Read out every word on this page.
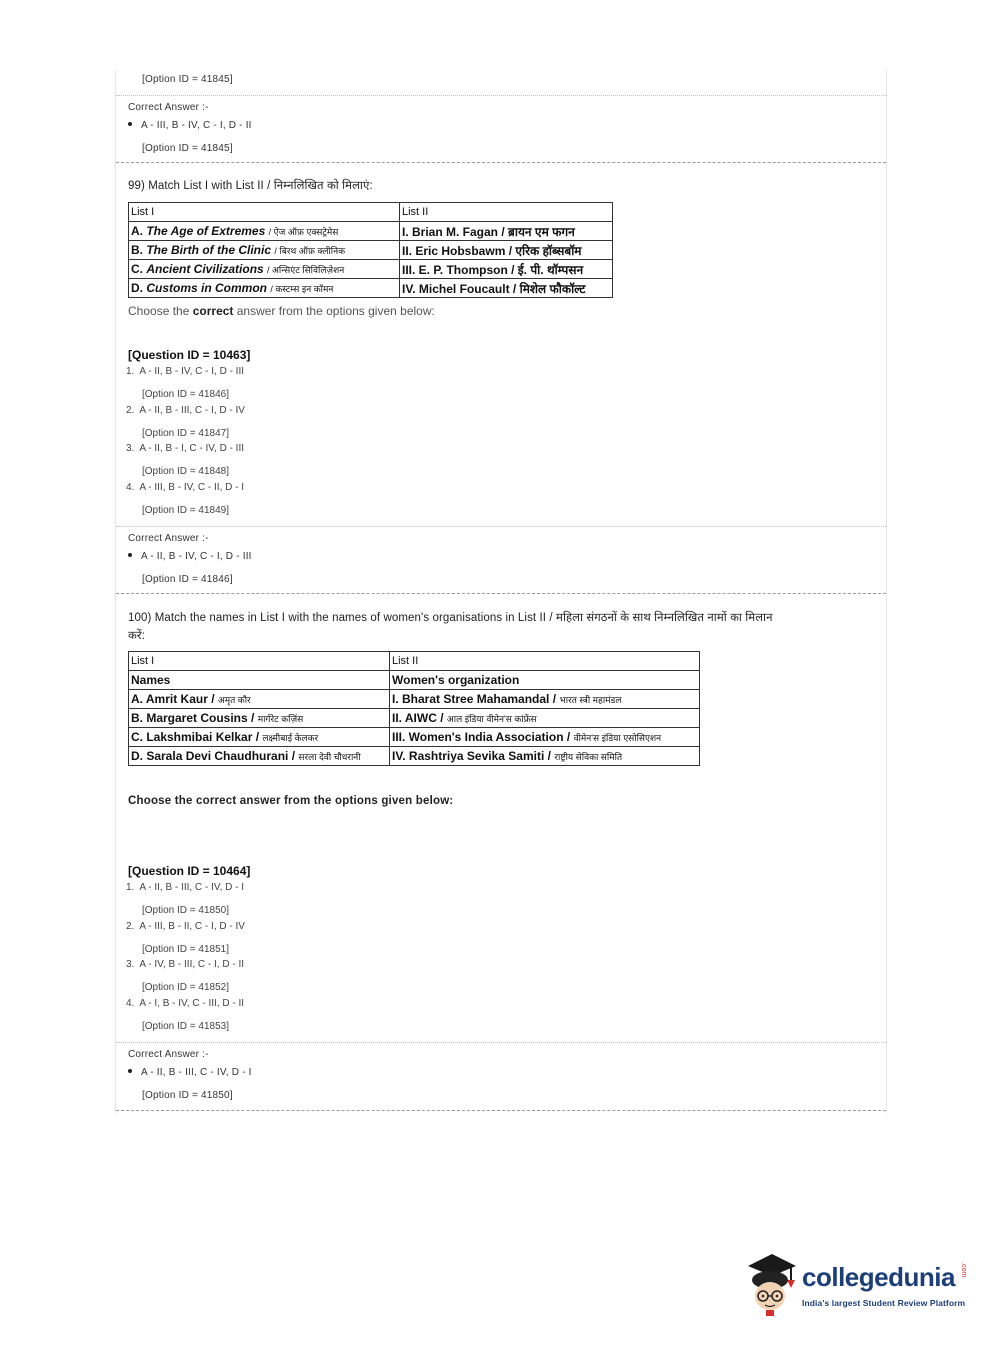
[Option ID = 41845]
Correct Answer :-
A - III, B - IV, C - I, D - II
[Option ID = 41845]
99) Match List I with List II / निम्नलिखित को मिलाएं:
List I	List II
A. The Age of Extremes / ऐज ऑफ़ एक्सट्रेमेस	I. Brian M. Fagan / ब्रायन एम फगन
B. The Birth of the Clinic / बिरथ ऑफ़ क्लीनिक	II. Eric Hobsbawm / एरिक हॉब्सबॉम
C. Ancient Civilizations / अन्सिएंट सिविलिज़ेशन	III. E. P. Thompson / ई. पी. थॉम्पसन
D. Customs in Common / कस्टम्स इन कॉमन	IV. Michel Foucault / मिशेल फौकॉल्ट
Choose the correct answer from the options given below:
[Question ID = 10463]
1. A - II, B - IV, C - I, D - III
[Option ID = 41846]
2. A - II, B - III, C - I, D - IV
[Option ID = 41847]
3. A - II, B - I, C - IV, D - III
[Option ID = 41848]
4. A - III, B - IV, C - II, D - I
[Option ID = 41849]
Correct Answer :-
A - II, B - IV, C - I, D - III
[Option ID = 41846]
100) Match the names in List I with the names of women's organisations in List II / महिला संगठनों के साथ निम्नलिखित नामों का मिलान
करें:
List I	List II
Names	Women's organization
A. Amrit Kaur / अमृत कौर	I. Bharat Stree Mahamandal / भारत स्त्री महामंडल
B. Margaret Cousins / मार्गरेट कज़िंस	II. AIWC / आल इंडिया वीमेन'स कांफ्रेंस
C. Lakshmibai Kelkar / लक्ष्मीबाई केलकर	III. Women's India Association / वीमेन'स इंडिया एसोसिएशन
D. Sarala Devi Chaudhurani / सरला देवी चौधरानी	IV. Rashtriya Sevika Samiti / राष्ट्रीय सेविका समिति
Choose the correct answer from the options given below:
[Question ID = 10464]
1. A - II, B - III, C - IV, D - I
[Option ID = 41850]
2. A - III, B - II, C - I, D - IV
[Option ID = 41851]
3. A - IV, B - III, C - I, D - II
[Option ID = 41852]
4. A - I, B - IV, C - III, D - II
[Option ID = 41853]
Correct Answer :-
A - II, B - III, C - IV, D - I
[Option ID = 41850]
collegedunia .com
India's largest Student Review Platform
